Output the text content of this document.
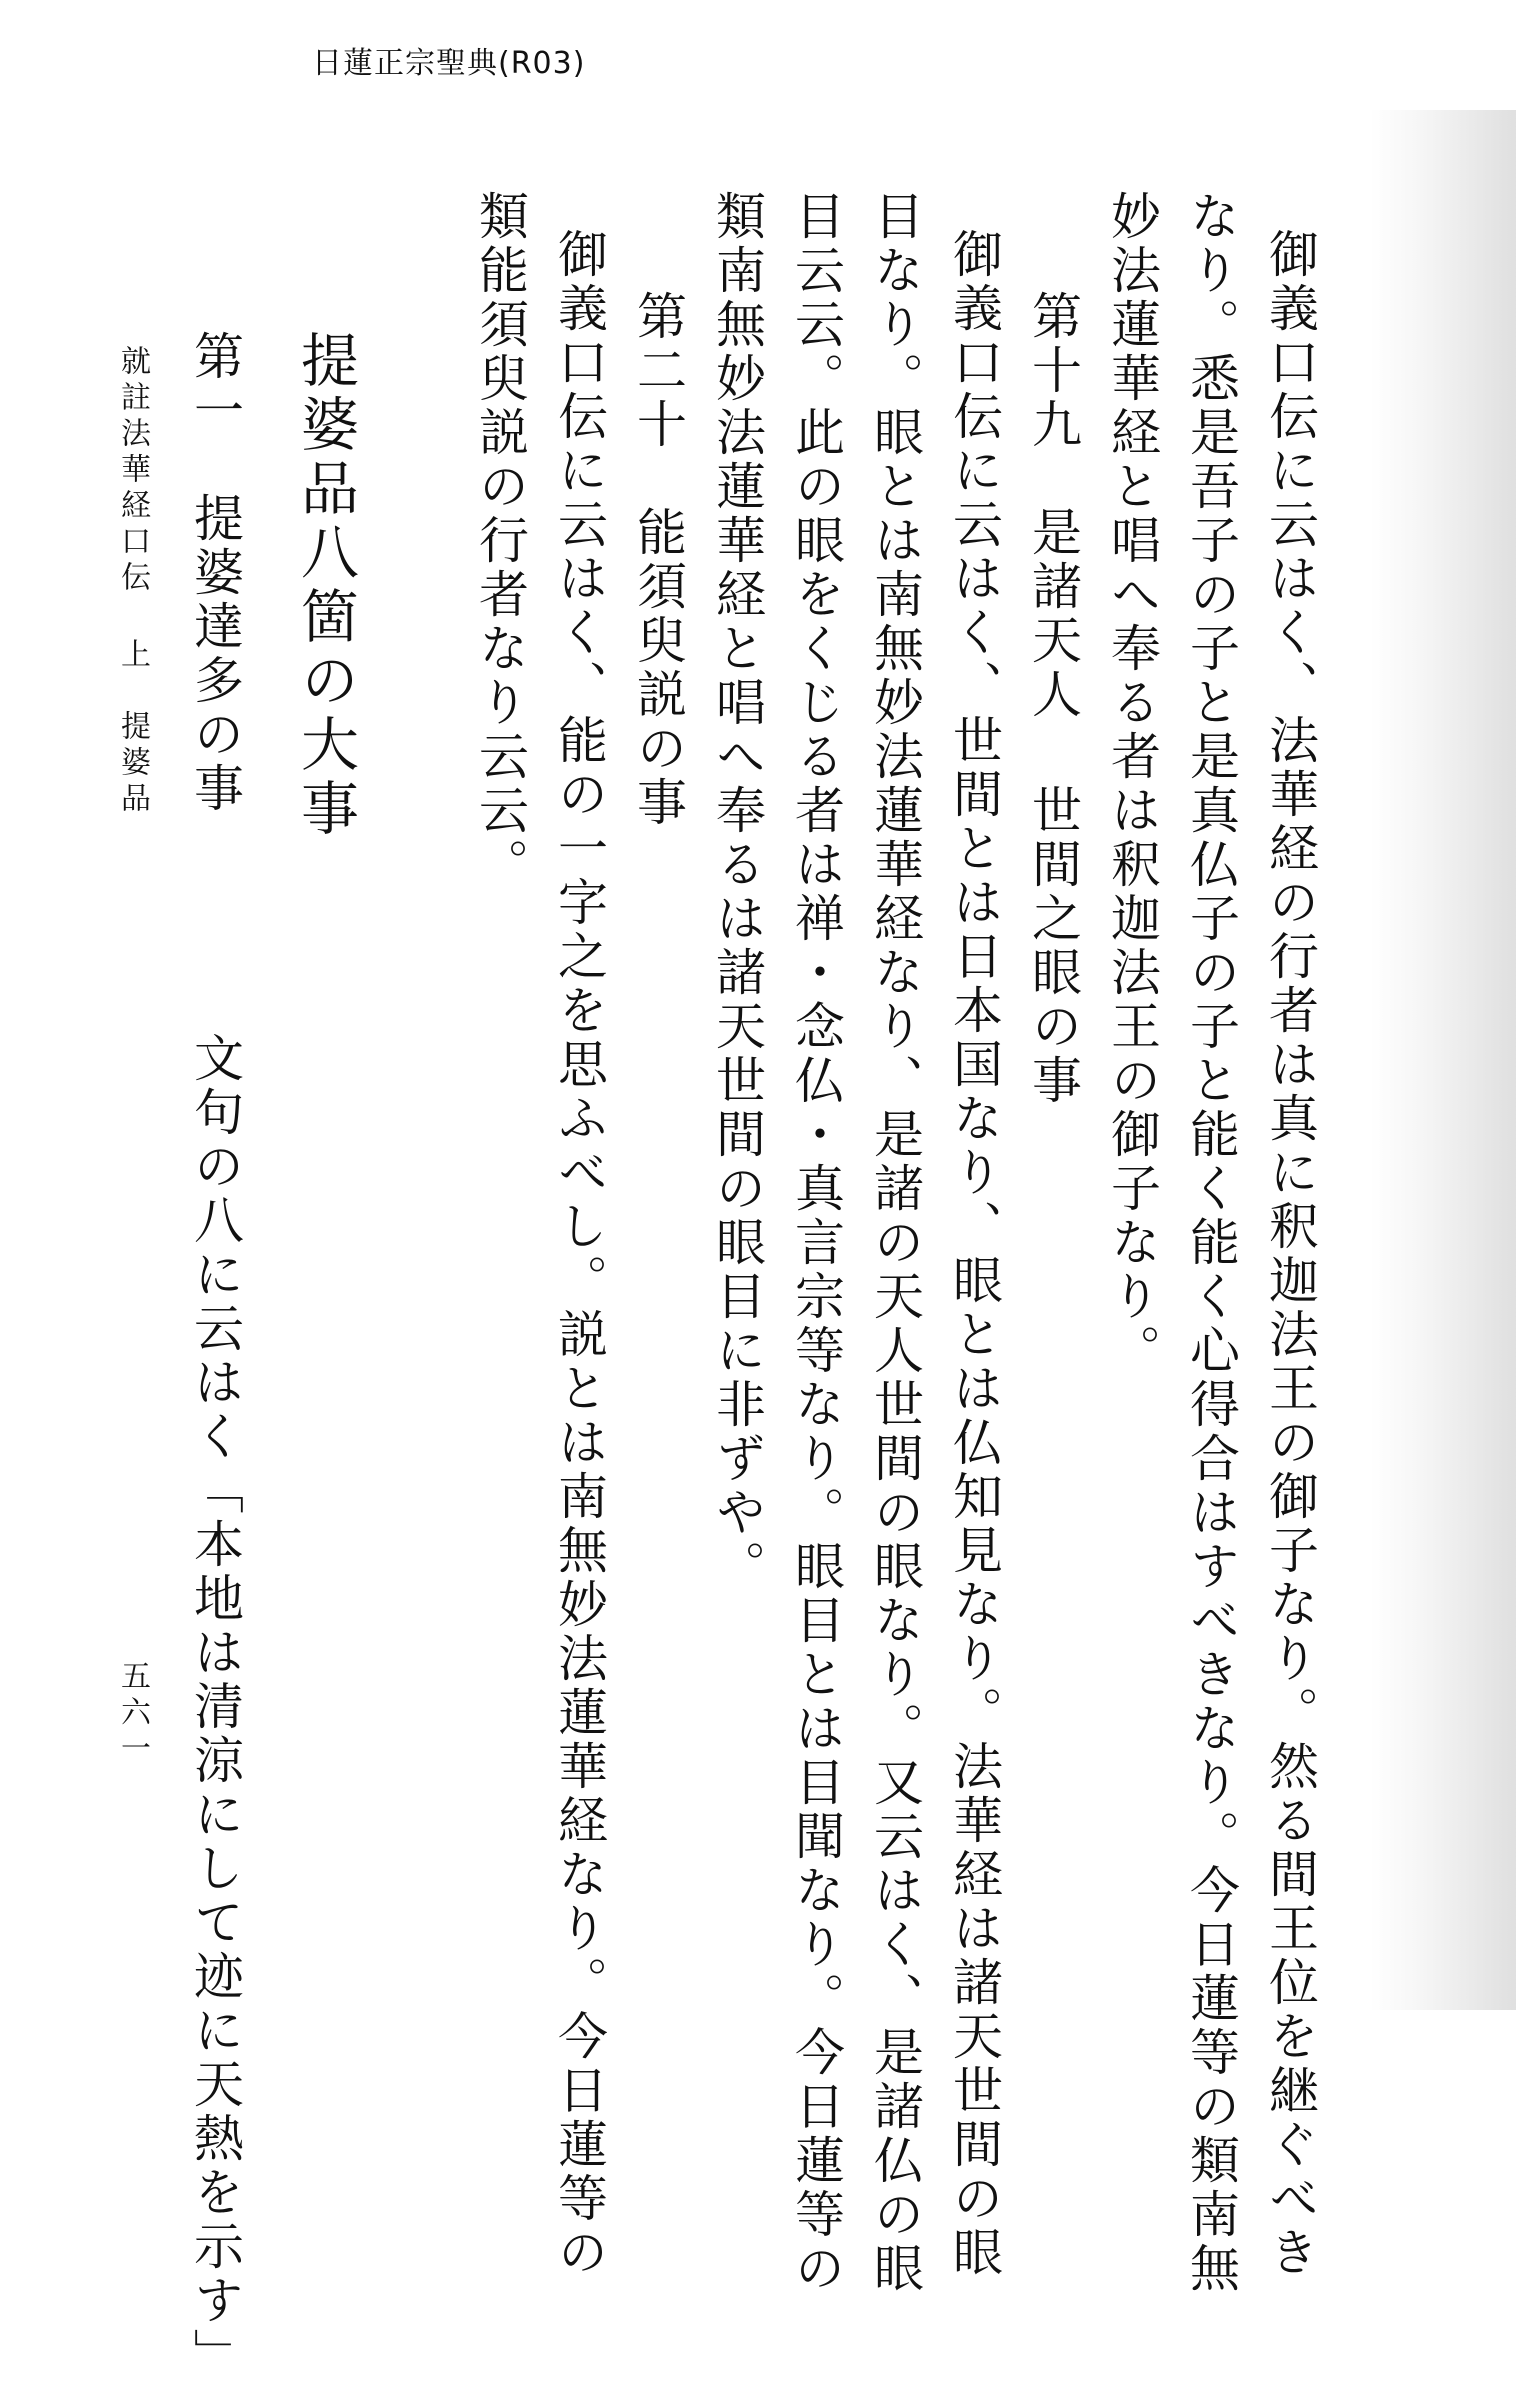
日蓮正宗聖典(R03)
御義口伝に云はく、法華経の行者は真に釈迦法王の御子なり。然る間王位を継ぐべき
なり。悉是吾子の子と是真仏子の子と能く能く心得合はすべきなり。今日蓮等の類南無
妙法蓮華経と唱へ奉る者は釈迦法王の御子なり。
第十九　是諸天人 世間之眼の事
御義口伝に云はく、世間とは日本国なり、眼とは仏知見なり。法華経は諸天世間の眼
目なり。眼とは南無妙法蓮華経なり、是諸の天人世間の眼なり。又云はく、是諸仏の眼
目云云。此の眼をくじる者は禅・念仏・真言宗等なり。眼目とは目聞なり。今日蓮等の
類南無妙法蓮華経と唱へ奉るは諸天世間の眼目に非ずや。
第二十　能須臾説の事
御義口伝に云はく、能の一字之を思ふべし。説とは南無妙法蓮華経なり。今日蓮等の
類能須臾説の行者なり云云。
提婆品八箇の大事
第一　提婆達多の事　　　　文句の八に云はく「本地は清涼にして迹に天熱を示す」
就註法華経口伝 上　提婆品
五六一
